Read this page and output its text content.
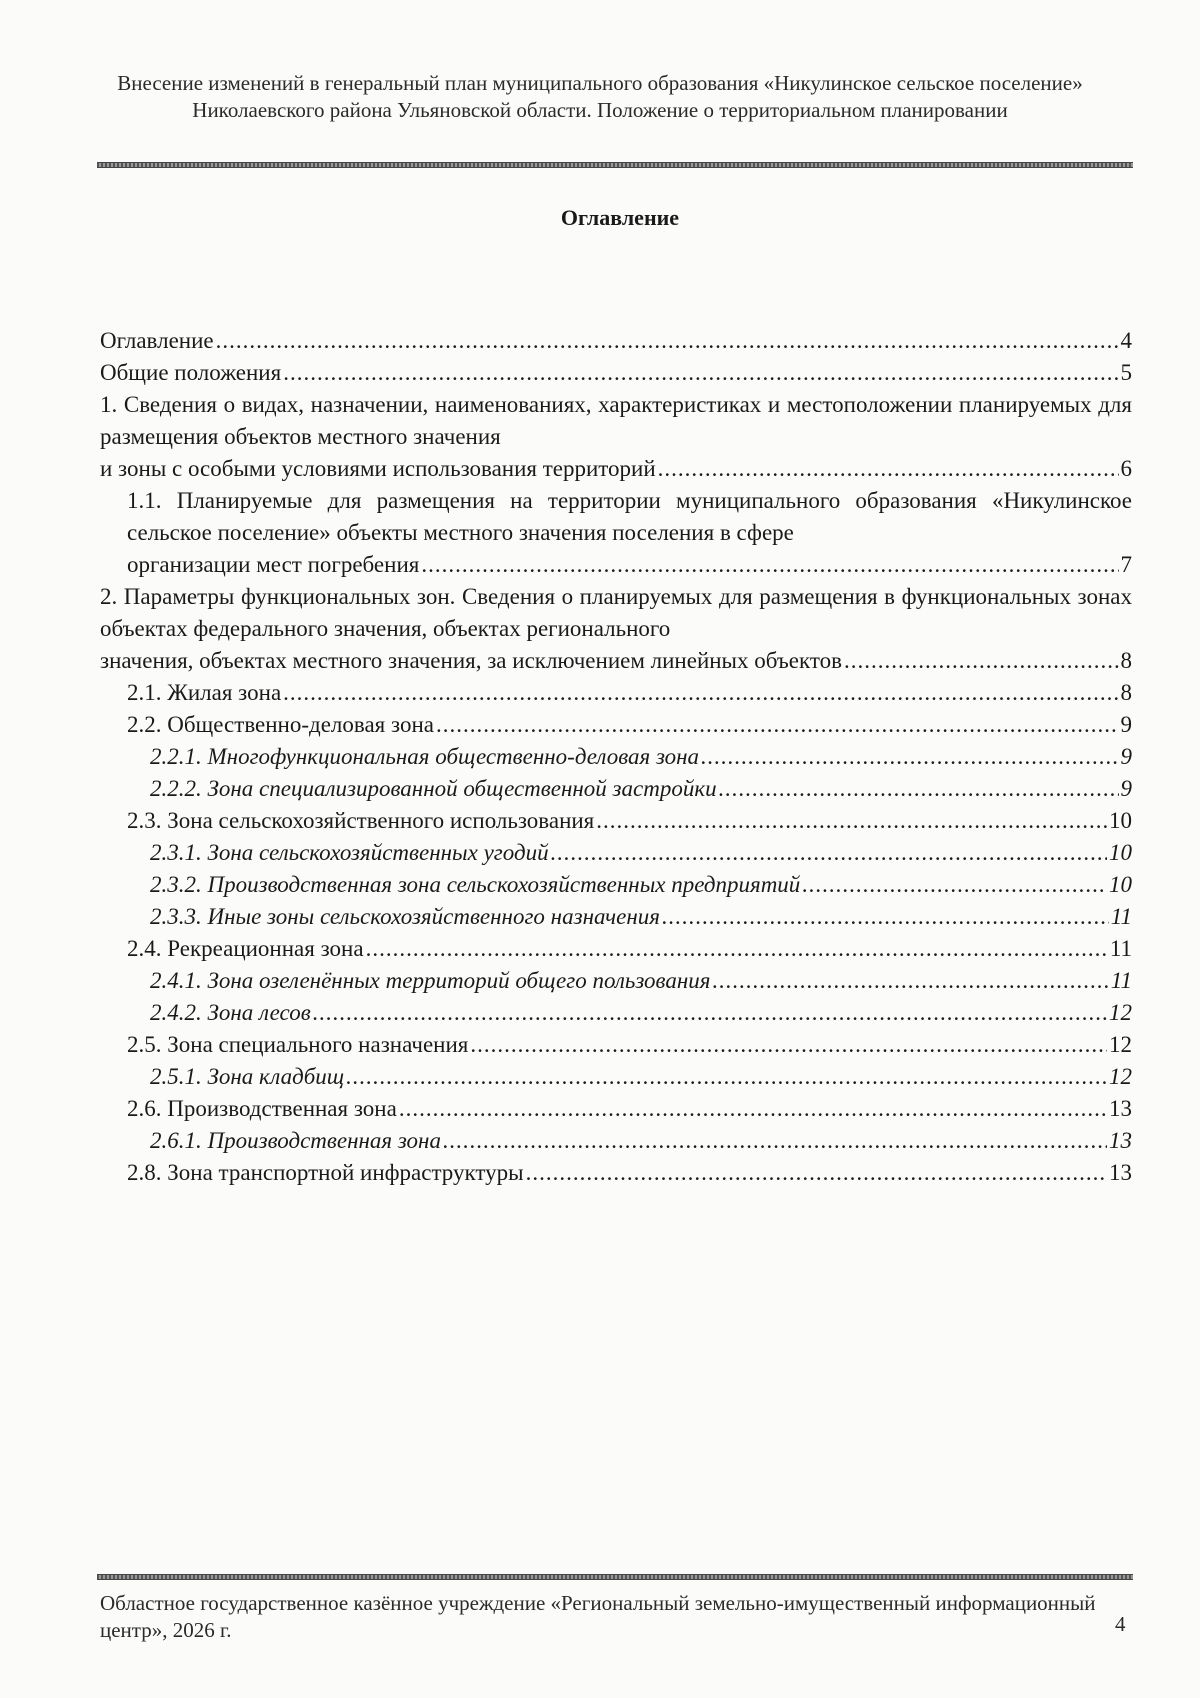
Внесение изменений в генеральный план муниципального образования «Никулинское сельское поселение» Николаевского района Ульяновской области. Положение о территориальном планировании
Оглавление
Оглавление .....	4
Общие положения .....	5
1. Сведения о видах, назначении, наименованиях, характеристиках и местоположении планируемых для размещения объектов местного значения
и зоны с особыми условиями использования территорий .....	6
1.1. Планируемые для размещения на территории муниципального образования «Никулинское сельское поселение» объекты местного значения поселения в сфере
организации мест погребения .....	7
2. Параметры функциональных зон. Сведения о планируемых для размещения в функциональных зонах объектах федерального значения, объектах регионального
значения, объектах местного значения, за исключением линейных объектов .....	8
2.1. Жилая зона .....	8
2.2. Общественно-деловая зона .....	9
2.2.1. Многофункциональная общественно-деловая зона .....	9
2.2.2. Зона специализированной общественной застройки .....	9
2.3. Зона сельскохозяйственного использования .....	10
2.3.1. Зона сельскохозяйственных угодий .....	10
2.3.2. Производственная зона сельскохозяйственных предприятий .....	10
2.3.3. Иные зоны сельскохозяйственного назначения .....	11
2.4. Рекреационная зона .....	11
2.4.1. Зона озеленённых территорий общего пользования .....	11
2.4.2. Зона лесов .....	12
2.5. Зона специального назначения .....	12
2.5.1. Зона кладбищ .....	12
2.6. Производственная зона .....	13
2.6.1. Производственная зона .....	13
2.8. Зона транспортной инфраструктуры .....	13
Областное государственное казённое учреждение «Региональный земельно-имущественный информационный центр», 2026 г.	4
